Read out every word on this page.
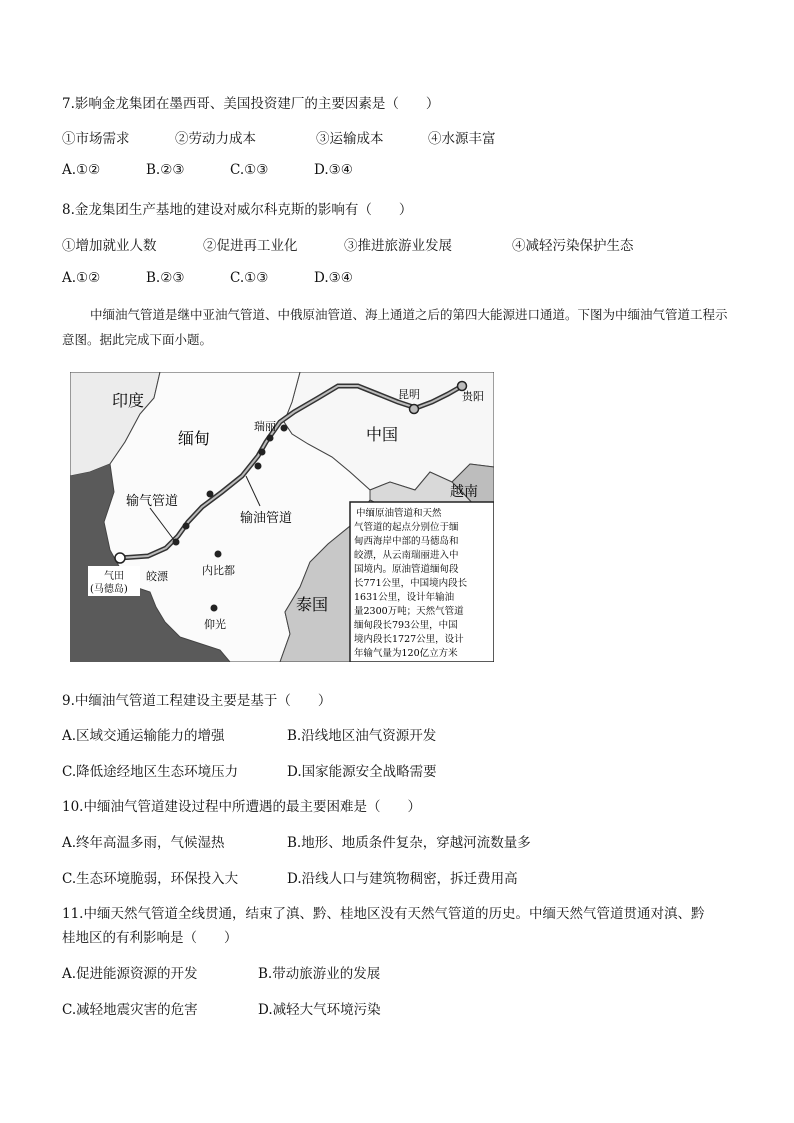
7.影响金龙集团在墨西哥、美国投资建厂的主要因素是（　　）
①市场需求	②劳动力成本	③运输成本	④水源丰富
A.①②	B.②③	C.①③	D.③④
8.金龙集团生产基地的建设对威尔科克斯的影响有（　　）
①增加就业人数	②促进再工业化	③推进旅游业发展	④减轻污染保护生态
A.①②	B.②③	C.①③	D.③④
中缅油气管道是继中亚油气管道、中俄原油管道、海上通道之后的第四大能源进口通道。下图为中缅油气管道工程示意图。据此完成下面小题。
印度
缅甸	中国
越南
泰国
瑞丽
昆明	贵阳
输气管道
输油管道
皎漂	内比都
仰光
气田
(马德岛)
中缅原油管道和天然
气管道的起点分别位于缅
甸西海岸中部的马德岛和
皎漂，从云南瑞丽进入中
国境内。原油管道缅甸段
长771公里，中国境内段长
1631公里，设计年输油
量2300万吨；天然气管道
缅甸段长793公里，中国
境内段长1727公里，设计
年输气量为120亿立方米
9.中缅油气管道工程建设主要是基于（　　）
A.区域交通运输能力的增强	B.沿线地区油气资源开发
C.降低途经地区生态环境压力	D.国家能源安全战略需要
10.中缅油气管道建设过程中所遭遇的最主要困难是（　　）
A.终年高温多雨，气候湿热	B.地形、地质条件复杂，穿越河流数量多
C.生态环境脆弱，环保投入大	D.沿线人口与建筑物稠密，拆迁费用高
11.中缅天然气管道全线贯通，结束了滇、黔、桂地区没有天然气管道的历史。中缅天然气管道贯通对滇、黔
桂地区的有利影响是（　　）
A.促进能源资源的开发	B.带动旅游业的发展
C.减轻地震灾害的危害	D.减轻大气环境污染
